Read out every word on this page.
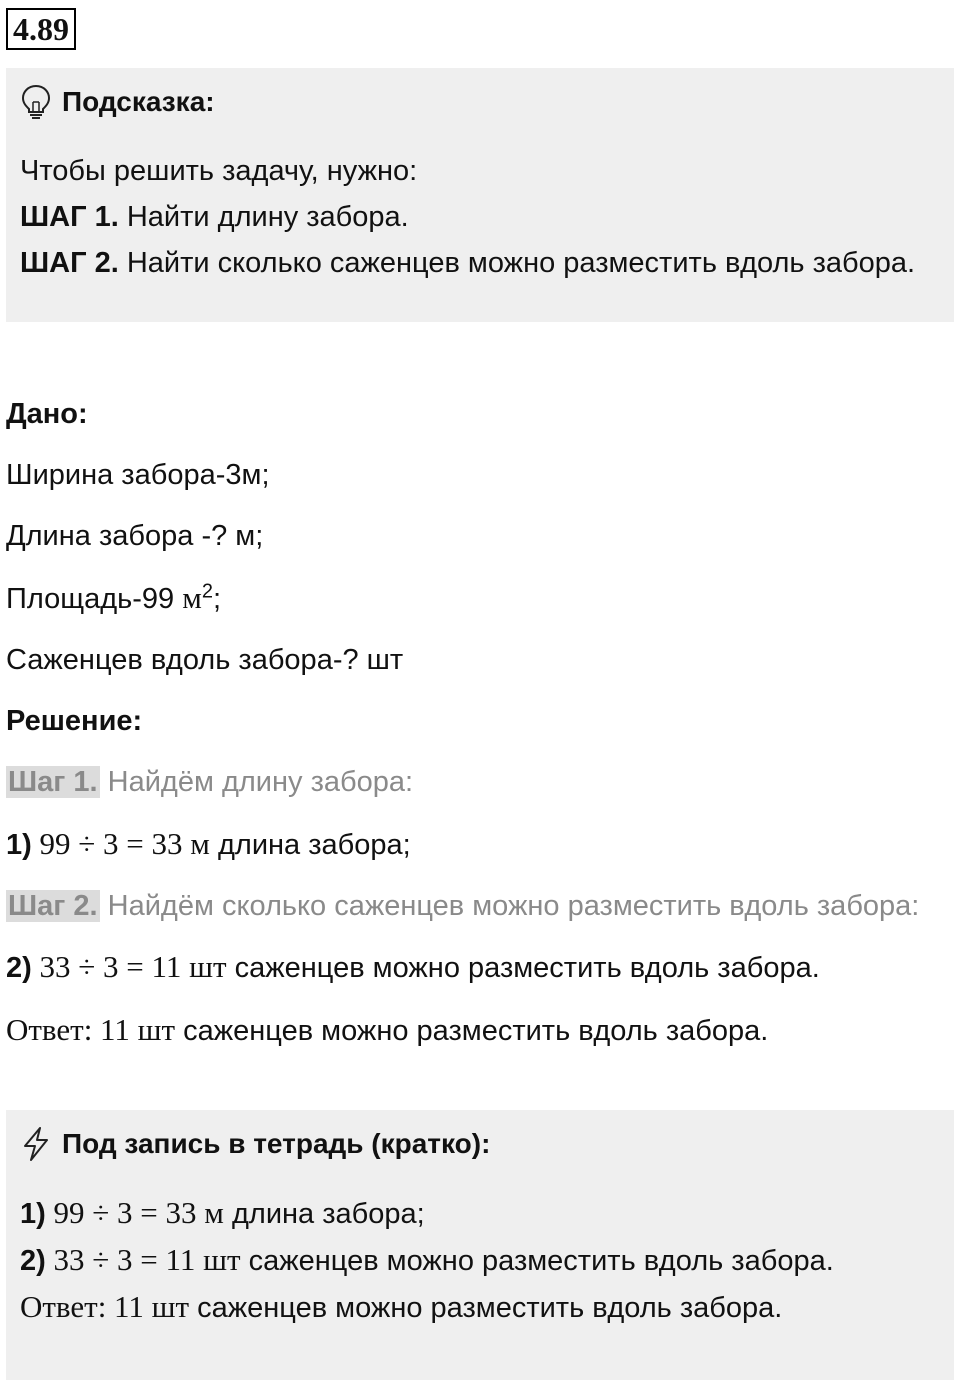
4.89
Подсказка:
Чтобы решить задачу, нужно:
ШАГ 1. Найти длину забора.
ШАГ 2. Найти сколько саженцев можно разместить вдоль забора.
Дано:
Ширина забора-3м;
Длина забора -? м;
Площадь-99 $м^2$;
Саженцев вдоль забора-? шт
Решение:
Шаг 1. Найдём длину забора:
1) 99 ÷ 3 = 33 м длина забора;
Шаг 2. Найдём сколько саженцев можно разместить вдоль забора:
2) 33 ÷ 3 = 11 шт саженцев можно разместить вдоль забора.
Ответ: 11 шт саженцев можно разместить вдоль забора.
Под запись в тетрадь (кратко):
1) 99 ÷ 3 = 33 м длина забора;
2) 33 ÷ 3 = 11 шт саженцев можно разместить вдоль забора.
Ответ: 11 шт саженцев можно разместить вдоль забора.
